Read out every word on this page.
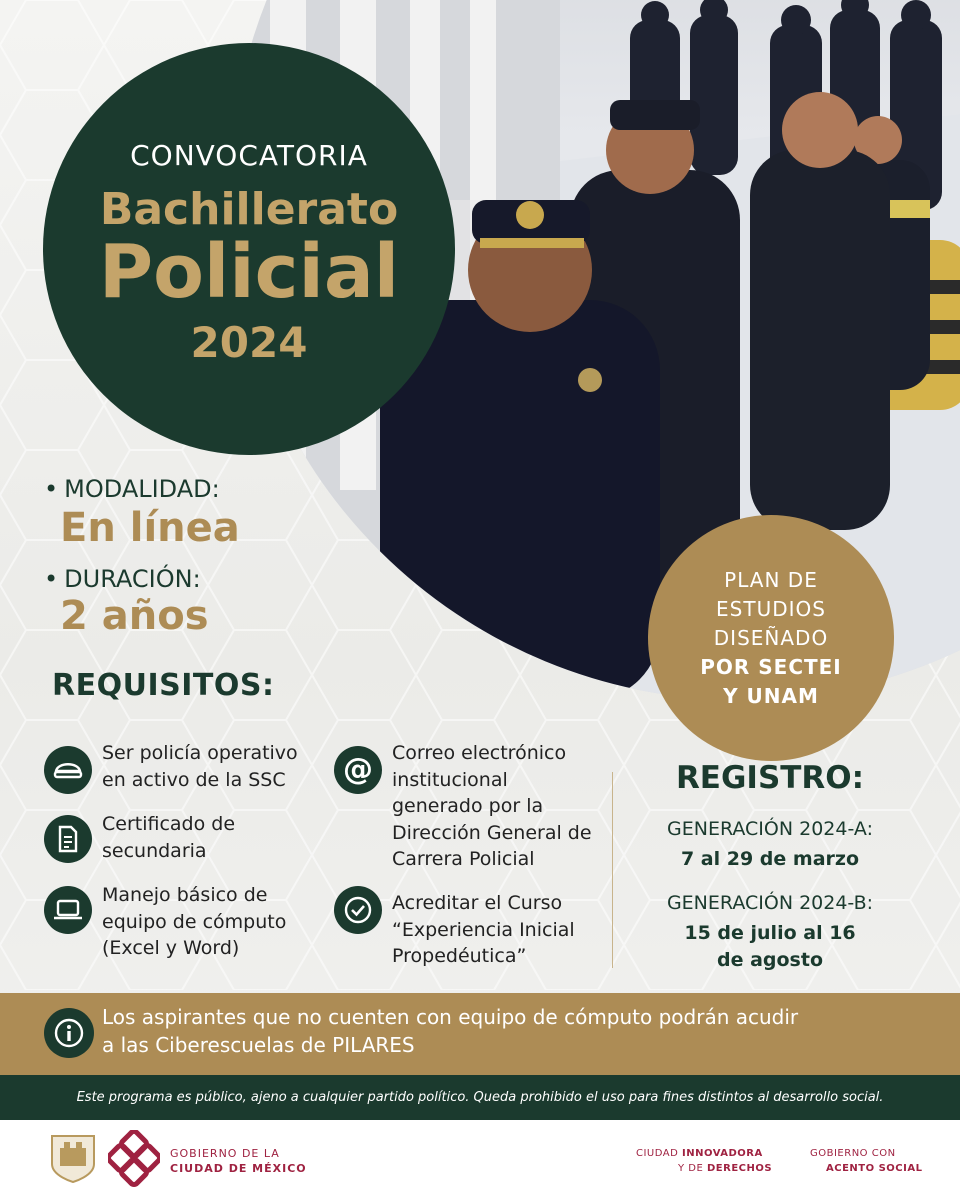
CONVOCATORIA
Bachillerato
Policial
2024
• MODALIDAD:
En línea
• DURACIÓN:
2 años
PLAN DE
ESTUDIOS
DISEÑADO
POR SECTEI
Y UNAM
REQUISITOS:
Ser policía operativo
en activo de la SSC
Certificado de
secundaria
Manejo básico de
equipo de cómputo
(Excel y Word)
@ Correo electrónico
institucional
generado por la
Dirección General de
Carrera Policial
Acreditar el Curso
“Experiencia Inicial
Propedéutica”
REGISTRO:
GENERACIÓN 2024-A:
7 al 29 de marzo
GENERACIÓN 2024-B:
15 de julio al 16
de agosto
Los aspirantes que no cuenten con equipo de cómputo podrán acudir
a las Ciberescuelas de PILARES
Este programa es público, ajeno a cualquier partido político. Queda prohibido el uso para fines distintos al desarrollo social.
GOBIERNO DE LA
CIUDAD DE MÉXICO
CIUDAD INNOVADORA
Y DE DERECHOS
GOBIERNO CON
ACENTO SOCIAL
